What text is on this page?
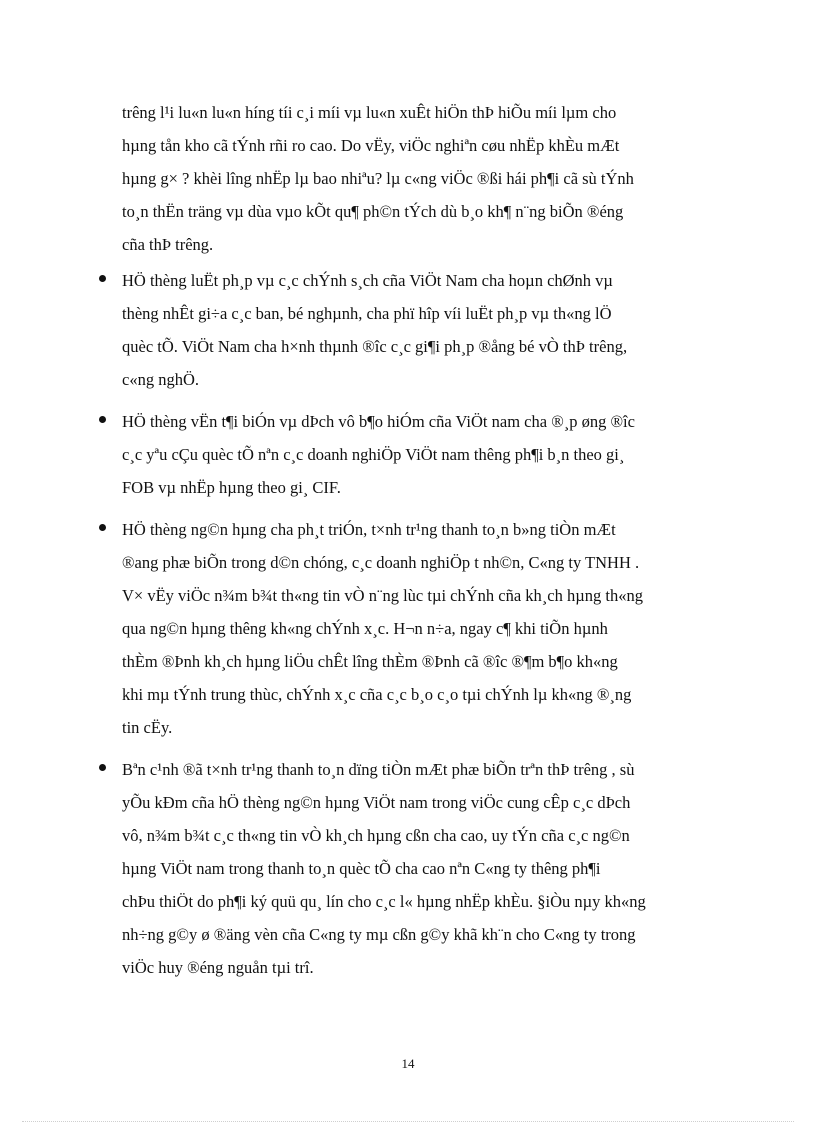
trêng l¹i lu«n lu«n híng tíi c¸i míi vµ lu«n xuÊt hiÖn thÞ hiÕu míi lµm cho
hµng tån kho cã tÝnh rñi ro cao. Do vËy, viÖc nghiªn cøu nhËp khÈu mÆt
hµng g× ? khèi lîng nhËp lµ bao nhiªu? lµ c«ng viÖc ®ßi hái ph¶i cã sù tÝnh
to¸n thËn träng vµ dùa vµo kÕt qu¶ ph©n tÝch dù b¸o kh¶ n¨ng biÕn ®éng
cña thÞ trêng.

HÖ thèng luËt ph¸p vµ c¸c chÝnh s¸ch cña ViÖt Nam cha hoµn chØnh vµ
thèng nhÊt gi÷a c¸c ban, bé nghµnh, cha phï hîp víi luËt ph¸p vµ th«ng lÖ
quèc tÕ. ViÖt Nam cha h×nh thµnh ®îc c¸c gi¶i ph¸p ®ång bé vÒ thÞ trêng,
c«ng nghÖ.

HÖ thèng vËn t¶i biÓn vµ dÞch vô b¶o hiÓm cña ViÖt nam cha ®¸p øng ®îc
c¸c yªu cÇu quèc tÕ nªn c¸c doanh nghiÖp ViÖt nam thêng ph¶i b¸n theo gi¸
FOB vµ nhËp hµng theo gi¸ CIF.

HÖ thèng ng©n hµng cha ph¸t triÓn, t×nh tr¹ng thanh to¸n b»ng tiÒn mÆt
®ang phæ biÕn trong d©n chóng, c¸c doanh nghiÖp t nh©n, C«ng ty TNHH .
V× vËy viÖc n¾m b¾t th«ng tin vÒ n¨ng lùc tµi chÝnh cña kh¸ch hµng th«ng
qua ng©n hµng thêng kh«ng chÝnh x¸c. H¬n n÷a, ngay c¶ khi tiÕn hµnh
thÈm ®Þnh kh¸ch hµng liÖu chÊt lîng thÈm ®Þnh cã ®îc ®¶m b¶o kh«ng
khi mµ tÝnh trung thùc, chÝnh x¸c cña c¸c b¸o c¸o tµi chÝnh lµ kh«ng ®¸ng
tin cËy.

Bªn c¹nh ®ã t×nh tr¹ng thanh to¸n dïng tiÒn mÆt phæ biÕn trªn thÞ trêng , sù
yÕu kÐm cña hÖ thèng ng©n hµng ViÖt nam trong viÖc cung cÊp c¸c dÞch
vô, n¾m b¾t c¸c th«ng tin vÒ kh¸ch hµng cßn cha cao, uy tÝn cña c¸c ng©n
hµng ViÖt nam trong thanh to¸n quèc tÕ cha cao nªn C«ng ty thêng ph¶i
chÞu thiÖt do ph¶i ký quü qu¸ lín cho c¸c l« hµng nhËp khÈu. §iÒu nµy kh«ng
nh÷ng g©y ø ®äng vèn cña C«ng ty mµ cßn g©y khã kh¨n cho C«ng ty trong
viÖc huy ®éng nguån tµi trî.

14
